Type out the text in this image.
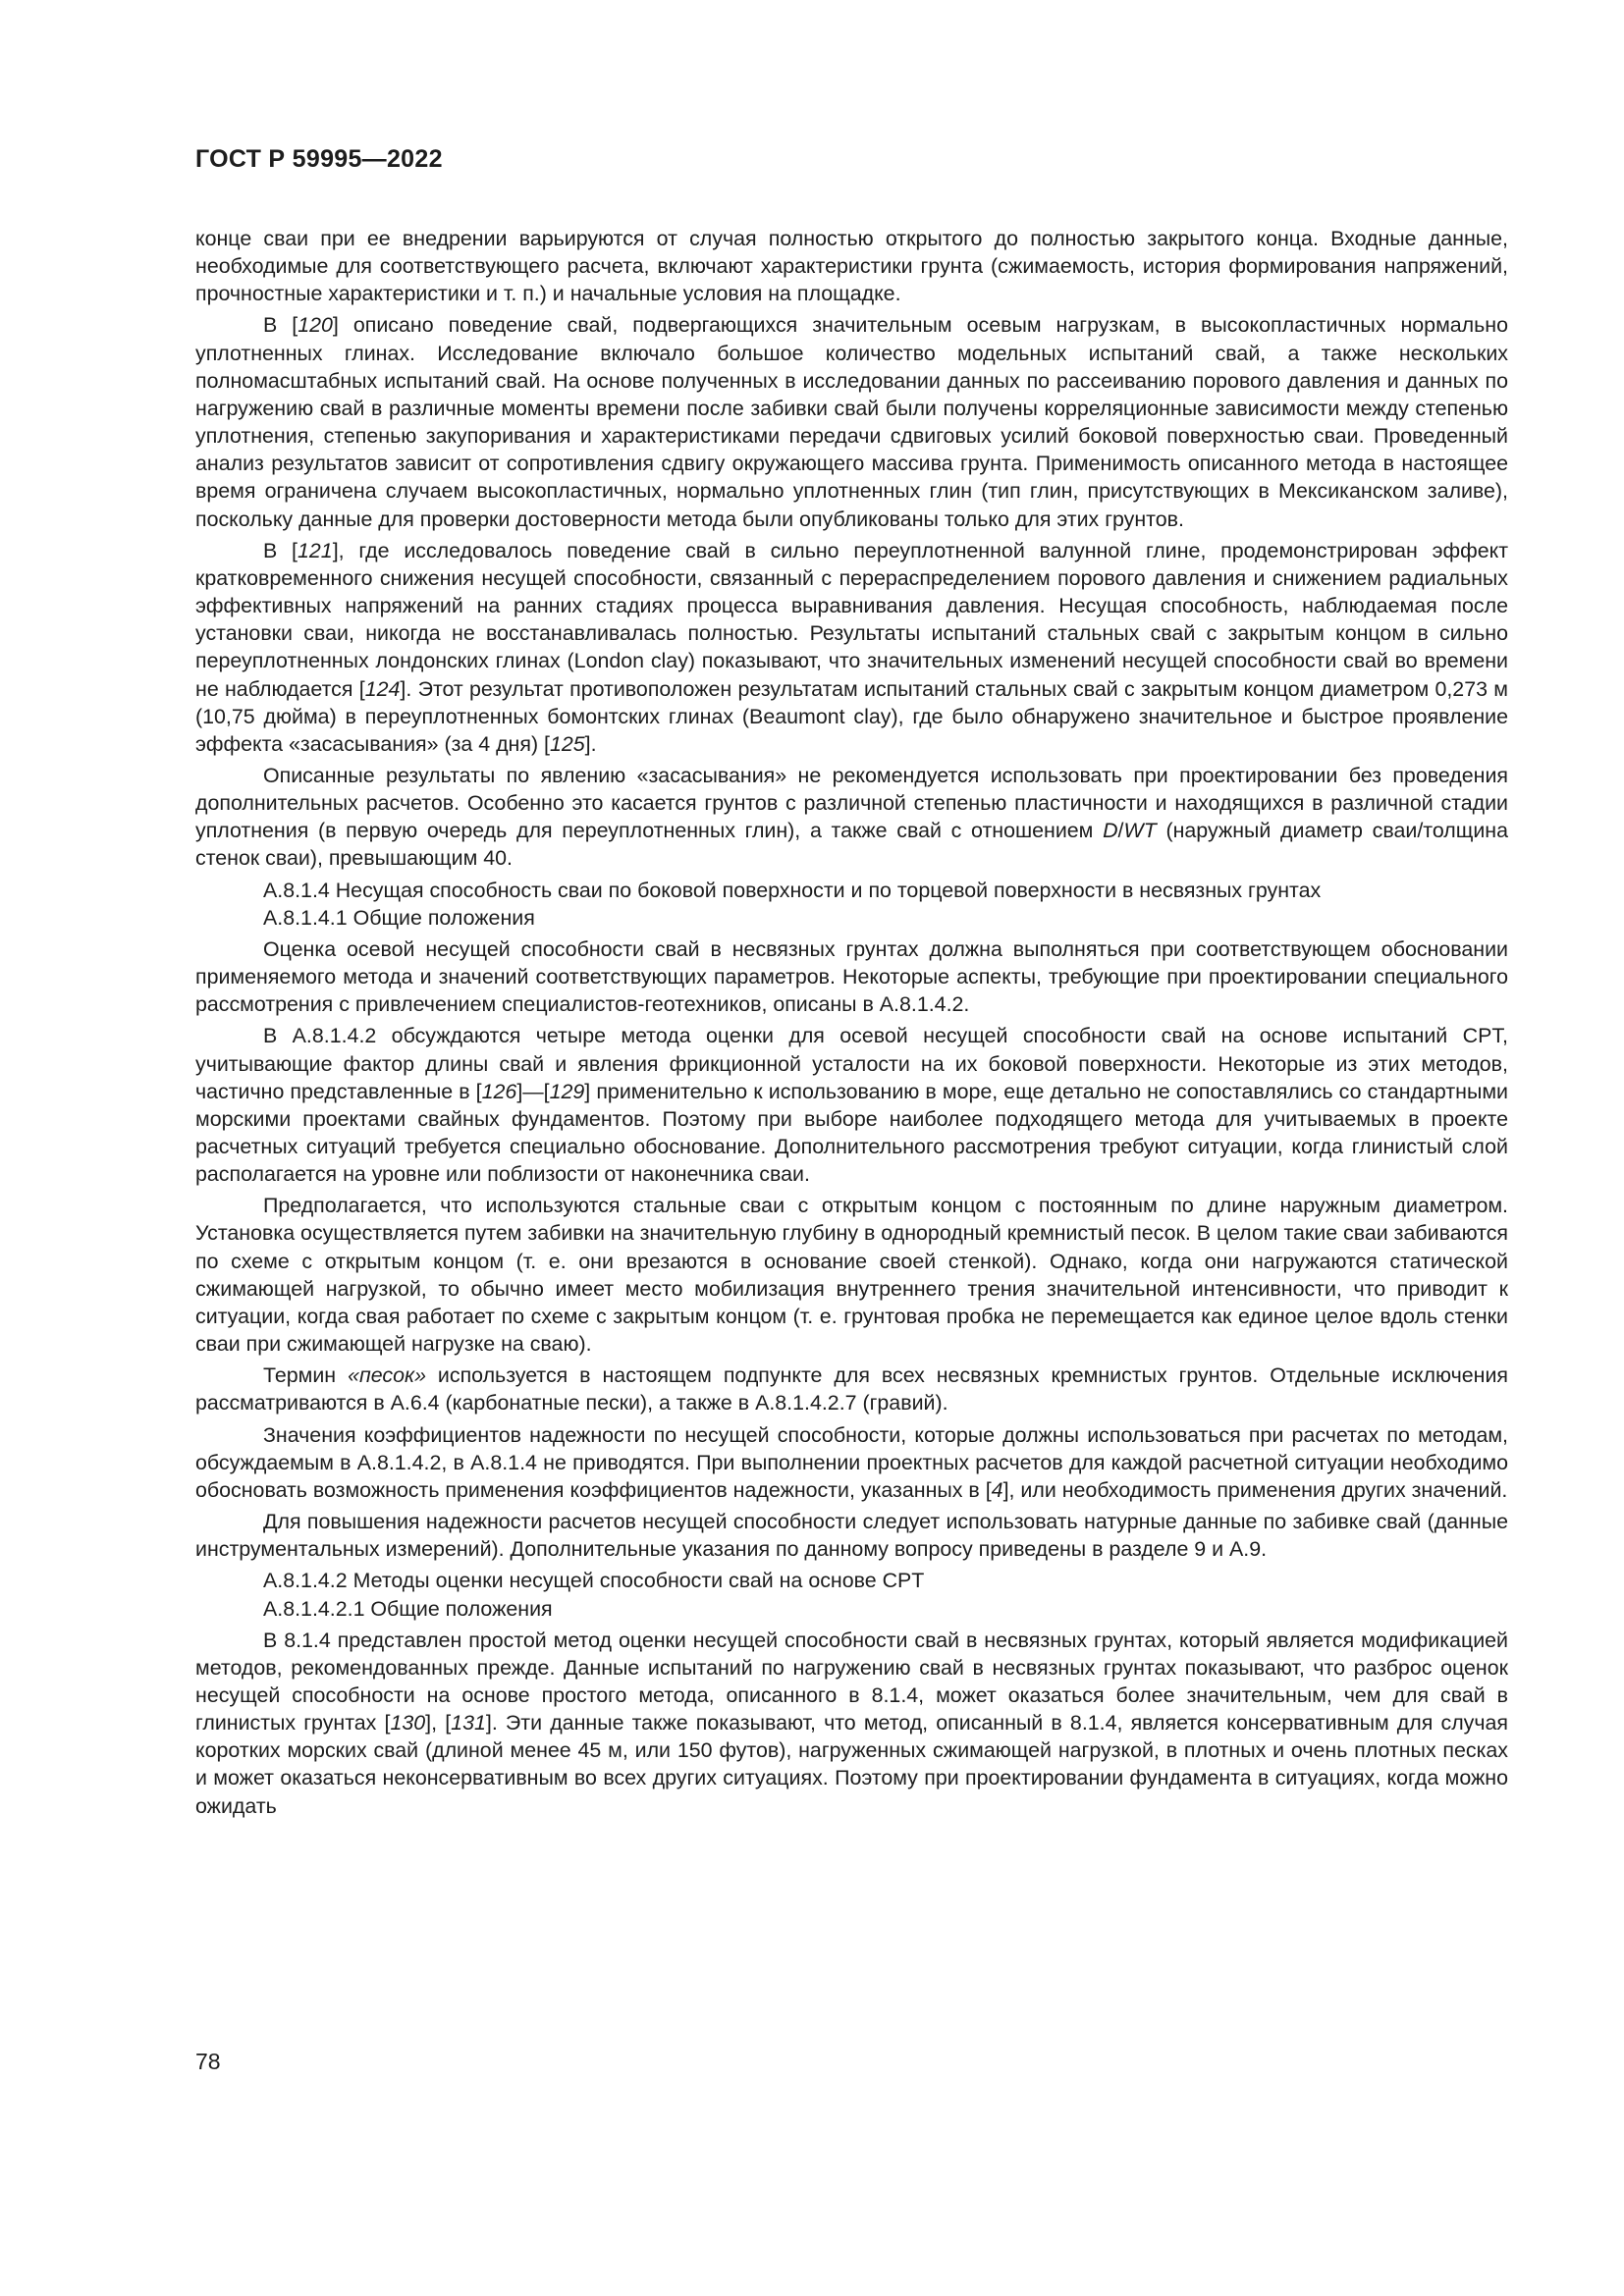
ГОСТ Р 59995—2022

конце сваи при ее внедрении варьируются от случая полностью открытого до полностью закрытого конца. Входные данные, необходимые для соответствующего расчета, включают характеристики грунта (сжимаемость, история формирования напряжений, прочностные характеристики и т. п.) и начальные условия на площадке.

В [120] описано поведение свай, подвергающихся значительным осевым нагрузкам, в высокопластичных нормально уплотненных глинах. Исследование включало большое количество модельных испытаний свай, а также нескольких полномасштабных испытаний свай. На основе полученных в исследовании данных по рассеиванию порового давления и данных по нагружению свай в различные моменты времени после забивки свай были получены корреляционные зависимости между степенью уплотнения, степенью закупоривания и характеристиками передачи сдвиговых усилий боковой поверхностью сваи. Проведенный анализ результатов зависит от сопротивления сдвигу окружающего массива грунта. Применимость описанного метода в настоящее время ограничена случаем высокопластичных, нормально уплотненных глин (тип глин, присутствующих в Мексиканском заливе), поскольку данные для проверки достоверности метода были опубликованы только для этих грунтов.

В [121], где исследовалось поведение свай в сильно переуплотненной валунной глине, продемонстрирован эффект кратковременного снижения несущей способности, связанный с перераспределением порового давления и снижением радиальных эффективных напряжений на ранних стадиях процесса выравнивания давления. Несущая способность, наблюдаемая после установки сваи, никогда не восстанавливалась полностью. Результаты испытаний стальных свай с закрытым концом в сильно переуплотненных лондонских глинах (London clay) показывают, что значительных изменений несущей способности свай во времени не наблюдается [124]. Этот результат противоположен результатам испытаний стальных свай с закрытым концом диаметром 0,273 м (10,75 дюйма) в переуплотненных бомонтских глинах (Beaumont clay), где было обнаружено значительное и быстрое проявление эффекта «засасывания» (за 4 дня) [125].

Описанные результаты по явлению «засасывания» не рекомендуется использовать при проектировании без проведения дополнительных расчетов. Особенно это касается грунтов с различной степенью пластичности и находящихся в различной стадии уплотнения (в первую очередь для переуплотненных глин), а также свай с отношением D/WT (наружный диаметр сваи/толщина стенок сваи), превышающим 40.

А.8.1.4 Несущая способность сваи по боковой поверхности и по торцевой поверхности в несвязных грунтах

А.8.1.4.1 Общие положения

Оценка осевой несущей способности свай в несвязных грунтах должна выполняться при соответствующем обосновании применяемого метода и значений соответствующих параметров. Некоторые аспекты, требующие при проектировании специального рассмотрения с привлечением специалистов-геотехников, описаны в А.8.1.4.2.

В А.8.1.4.2 обсуждаются четыре метода оценки для осевой несущей способности свай на основе испытаний CPT, учитывающие фактор длины свай и явления фрикционной усталости на их боковой поверхности. Некоторые из этих методов, частично представленные в [126]—[129] применительно к использованию в море, еще детально не сопоставлялись со стандартными морскими проектами свайных фундаментов. Поэтому при выборе наиболее подходящего метода для учитываемых в проекте расчетных ситуаций требуется специально обоснование. Дополнительного рассмотрения требуют ситуации, когда глинистый слой располагается на уровне или поблизости от наконечника сваи.

Предполагается, что используются стальные сваи с открытым концом с постоянным по длине наружным диаметром. Установка осуществляется путем забивки на значительную глубину в однородный кремнистый песок. В целом такие сваи забиваются по схеме с открытым концом (т. е. они врезаются в основание своей стенкой). Однако, когда они нагружаются статической сжимающей нагрузкой, то обычно имеет место мобилизация внутреннего трения значительной интенсивности, что приводит к ситуации, когда свая работает по схеме с закрытым концом (т. е. грунтовая пробка не перемещается как единое целое вдоль стенки сваи при сжимающей нагрузке на сваю).

Термин «песок» используется в настоящем подпункте для всех несвязных кремнистых грунтов. Отдельные исключения рассматриваются в А.6.4 (карбонатные пески), а также в А.8.1.4.2.7 (гравий).

Значения коэффициентов надежности по несущей способности, которые должны использоваться при расчетах по методам, обсуждаемым в А.8.1.4.2, в А.8.1.4 не приводятся. При выполнении проектных расчетов для каждой расчетной ситуации необходимо обосновать возможность применения коэффициентов надежности, указанных в [4], или необходимость применения других значений.

Для повышения надежности расчетов несущей способности следует использовать натурные данные по забивке свай (данные инструментальных измерений). Дополнительные указания по данному вопросу приведены в разделе 9 и А.9.

А.8.1.4.2 Методы оценки несущей способности свай на основе CPT

А.8.1.4.2.1 Общие положения

В 8.1.4 представлен простой метод оценки несущей способности свай в несвязных грунтах, который является модификацией методов, рекомендованных прежде. Данные испытаний по нагружению свай в несвязных грунтах показывают, что разброс оценок несущей способности на основе простого метода, описанного в 8.1.4, может оказаться более значительным, чем для свай в глинистых грунтах [130], [131]. Эти данные также показывают, что метод, описанный в 8.1.4, является консервативным для случая коротких морских свай (длиной менее 45 м, или 150 футов), нагруженных сжимающей нагрузкой, в плотных и очень плотных песках и может оказаться неконсервативным во всех других ситуациях. Поэтому при проектировании фундамента в ситуациях, когда можно ожидать

78
